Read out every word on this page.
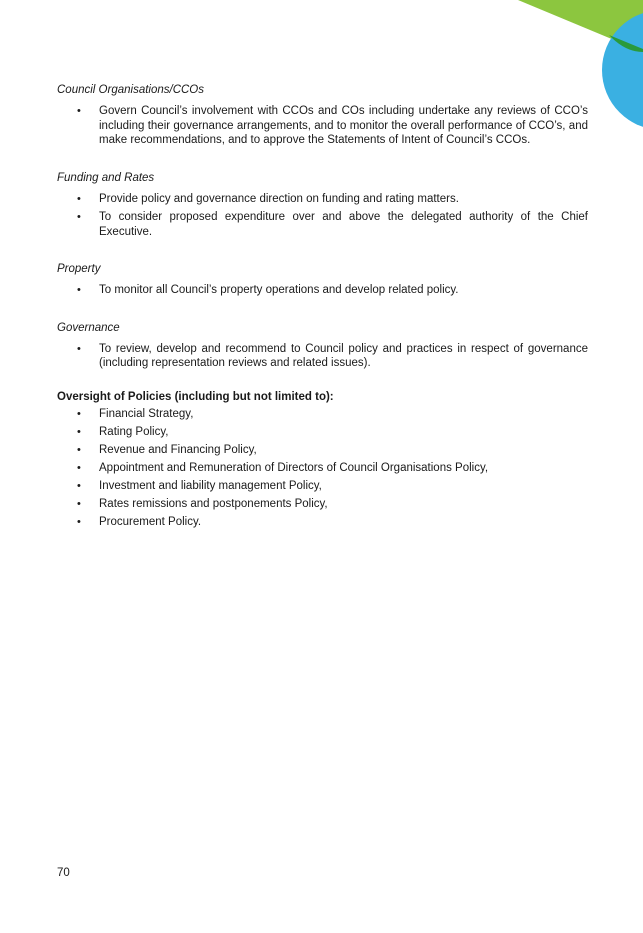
Council Organisations/CCOs

• Govern Council’s involvement with CCOs and COs including undertake any reviews of CCO’s including their governance arrangements, and to monitor the overall performance of CCO’s, and make recommendations, and to approve the Statements of Intent of Council’s CCOs.

Funding and Rates

• Provide policy and governance direction on funding and rating matters.
• To consider proposed expenditure over and above the delegated authority of the Chief Executive.

Property

• To monitor all Council’s property operations and develop related policy.

Governance

• To review, develop and recommend to Council policy and practices in respect of governance (including representation reviews and related issues).

Oversight of Policies (including but not limited to):

• Financial Strategy,
• Rating Policy,
• Revenue and Financing Policy,
• Appointment and Remuneration of Directors of Council Organisations Policy,
• Investment and liability management Policy,
• Rates remissions and postponements Policy,
• Procurement Policy.
70
